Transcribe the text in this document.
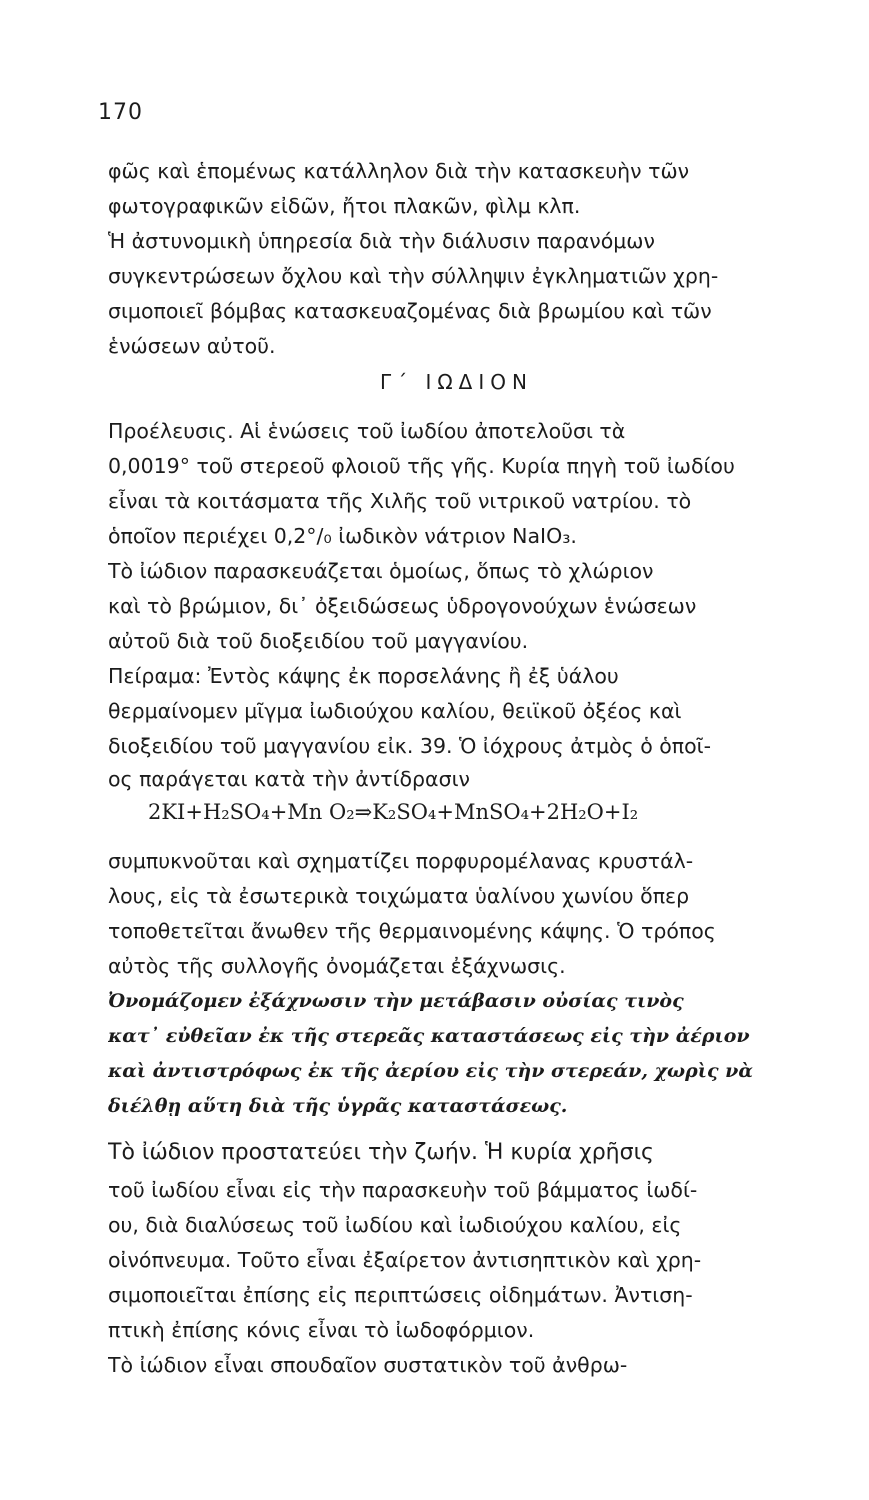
170
φῶς καὶ ἑπομένως κατάλληλον διὰ τὴν κατασκευὴν τῶν
φωτογραφικῶν εἰδῶν, ἤτοι πλακῶν, φὶλμ κλπ.
Ἡ ἀστυνομικὴ ὑπηρεσία διὰ τὴν διάλυσιν παρανόμων
συγκεντρώσεων ὄχλου καὶ τὴν σύλληψιν ἐγκληματιῶν χρη-
σιμοποιεῖ βόμβας κατασκευαζομένας διὰ βρωμίου καὶ τῶν
ἑνώσεων αὐτοῦ.
Γ΄ ΙΩΔΙΟΝ
Προέλευσις. Αἱ ἑνώσεις τοῦ ἰωδίου ἀποτελοῦσι τὰ
0,0019° τοῦ στερεοῦ φλοιοῦ τῆς γῆς. Κυρία πηγὴ τοῦ ἰωδίου
εἶναι τὰ κοιτάσματα τῆς Χιλῆς τοῦ νιτρικοῦ νατρίου. τὸ
ὁποῖον περιέχει 0,2°/₀ ἰωδικὸν νάτριον NaIO₃.
Τὸ ἰώδιον παρασκευάζεται ὁμοίως, ὅπως τὸ χλώριον
καὶ τὸ βρώμιον, δι᾽ ὀξειδώσεως ὑδρογονούχων ἑνώσεων
αὐτοῦ διὰ τοῦ διοξειδίου τοῦ μαγγανίου.
Πείραμα: Ἐντὸς κάψης ἐκ πορσελάνης ἢ ἐξ ὑάλου
θερμαίνομεν μῖγμα ἰωδιούχου καλίου, θειϊκοῦ ὀξέος καὶ
διοξειδίου τοῦ μαγγανίου εἰκ. 39. Ὁ ἰόχρους ἀτμὸς ὁ ὁποῖ-
ος παράγεται κατὰ τὴν ἀντίδρασιν
2KI+H₂SO₄+Mn O₂⇒K₂SO₄+MnSO₄+2H₂O+I₂
συμπυκνοῦται καὶ σχηματίζει πορφυρομέλανας κρυστάλ-
λους, εἰς τὰ ἐσωτερικὰ τοιχώματα ὑαλίνου χωνίου ὅπερ
τοποθετεῖται ἄνωθεν τῆς θερμαινομένης κάψης. Ὁ τρόπος
αὐτὸς τῆς συλλογῆς ὀνομάζεται ἐξάχνωσις.
Ὀνομάζομεν ἐξάχνωσιν τὴν μετάβασιν οὐσίας τινὸς
κατ᾽ εὐθεῖαν ἐκ τῆς στερεᾶς καταστάσεως εἰς τὴν ἀέριον
καὶ ἀντιστρόφως ἐκ τῆς ἀερίου εἰς τὴν στερεάν, χωρὶς νὰ
διέλθῃ αὕτη διὰ τῆς ὑγρᾶς καταστάσεως.
Τὸ ἰώδιον προστατεύει τὴν ζωήν. Ἡ κυρία χρῆσις
τοῦ ἰωδίου εἶναι εἰς τὴν παρασκευὴν τοῦ βάμματος ἰωδί-
ου, διὰ διαλύσεως τοῦ ἰωδίου καὶ ἰωδιούχου καλίου, εἰς
οἰνόπνευμα. Τοῦτο εἶναι ἐξαίρετον ἀντισηπτικὸν καὶ χρη-
σιμοποιεῖται ἐπίσης εἰς περιπτώσεις οἰδημάτων. Ἀντιση-
πτικὴ ἐπίσης κόνις εἶναι τὸ ἰωδοφόρμιον.
Τὸ ἰώδιον εἶναι σπουδαῖον συστατικὸν τοῦ ἀνθρω-
